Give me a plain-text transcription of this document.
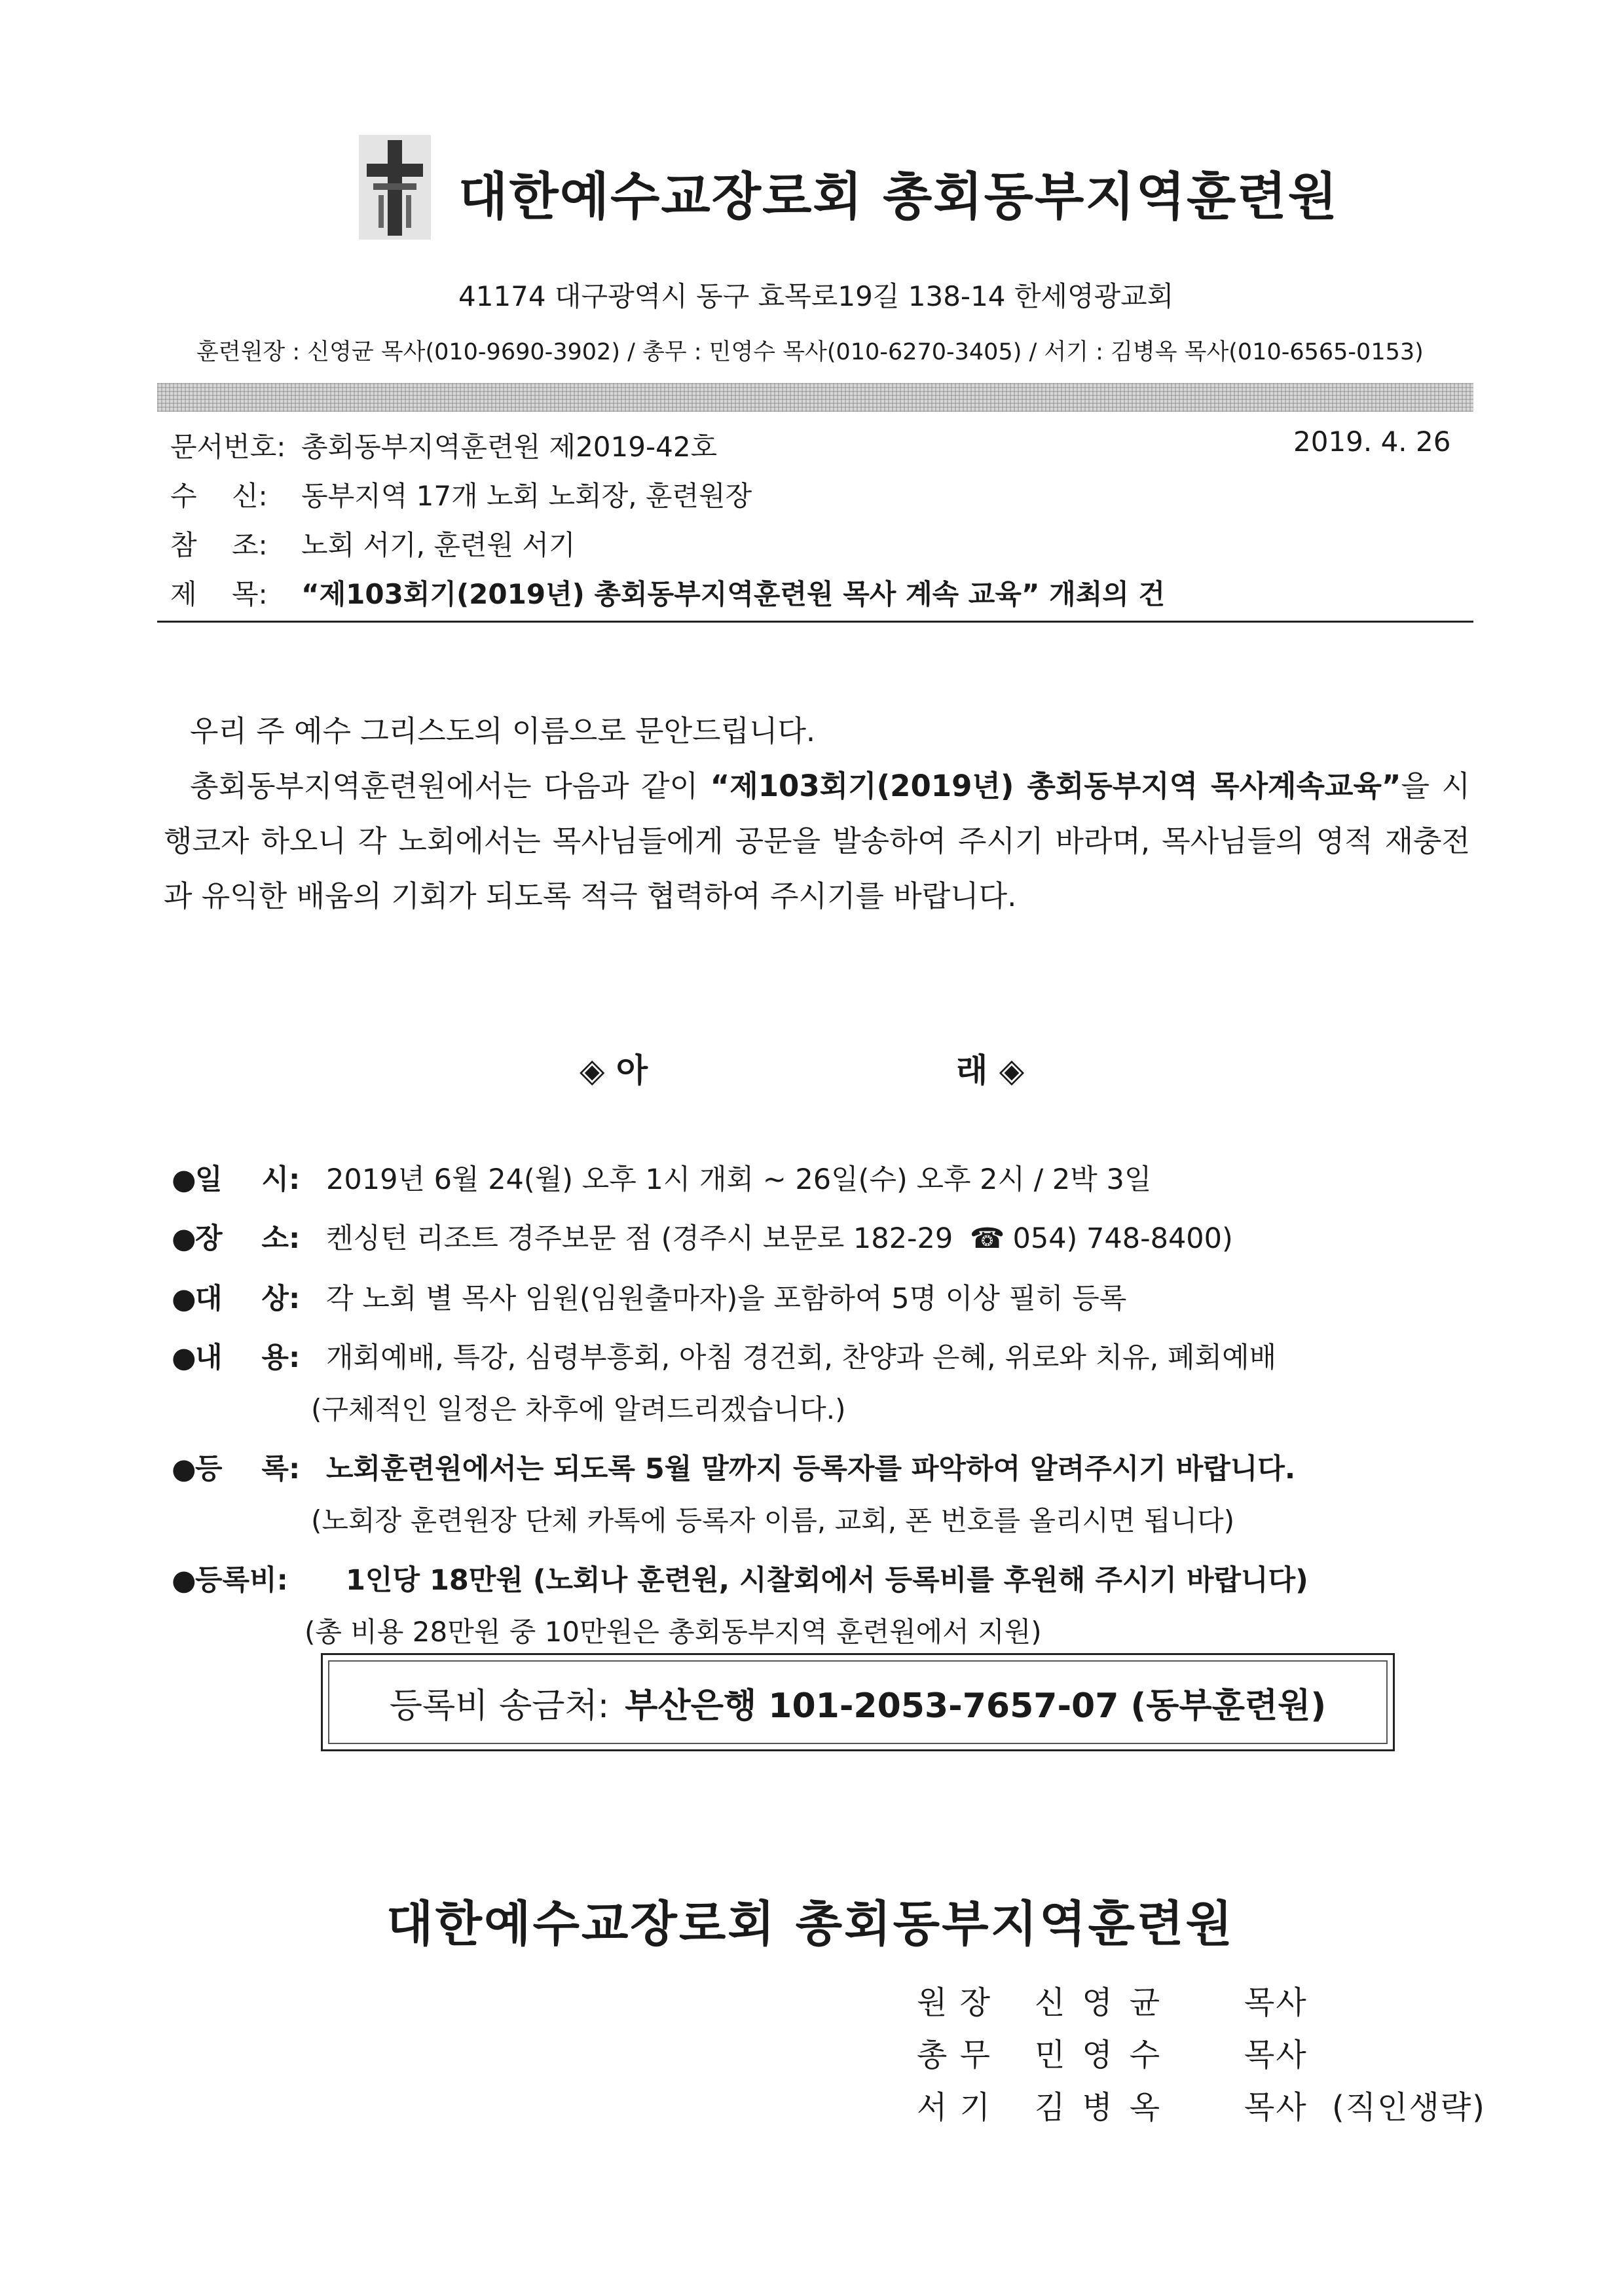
대한예수교장로회 총회동부지역훈련원
41174 대구광역시 동구 효목로19길 138-14 한세영광교회
훈련원장 : 신영균 목사(010-9690-3902) / 총무 : 민영수 목사(010-6270-3405) / 서기 : 김병옥 목사(010-6565-0153)
문서번호: 총회동부지역훈련원 제2019-42호	2019. 4. 26
수    신: 동부지역 17개 노회 노회장, 훈련원장
참    조: 노회 서기, 훈련원 서기
제    목: “제103회기(2019년) 총회동부지역훈련원 목사 계속 교육” 개최의 건
우리 주 예수 그리스도의 이름으로 문안드립니다.
총회동부지역훈련원에서는 다음과 같이 “제103회기(2019년) 총회동부지역 목사계속교육”을 시행코자 하오니 각 노회에서는 목사님들에게 공문을 발송하여 주시기 바라며, 목사님들의 영적 재충전과 유익한 배움의 기회가 되도록 적극 협력하여 주시기를 바랍니다.
◈ 아	래 ◈
●일    시: 2019년 6월 24(월) 오후 1시 개회 ~ 26일(수) 오후 2시 / 2박 3일
●장    소: 켄싱턴 리조트 경주보문 점 (경주시 보문로 182-29 ☎ 054) 748-8400)
●대    상: 각 노회 별 목사 임원(임원출마자)을 포함하여 5명 이상 필히 등록
●내    용: 개회예배, 특강, 심령부흥회, 아침 경건회, 찬양과 은혜, 위로와 치유, 폐회예배
(구체적인 일정은 차후에 알려드리겠습니다.)
●등    록: 노회훈련원에서는 되도록 5월 말까지 등록자를 파악하여 알려주시기 바랍니다.
(노회장 훈련원장 단체 카톡에 등록자 이름, 교회, 폰 번호를 올리시면 됩니다)
●등록비: 1인당 18만원 (노회나 훈련원, 시찰회에서 등록비를 후원해 주시기 바랍니다)
(총 비용 28만원 중 10만원은 총회동부지역 훈련원에서 지원)
등록비 송금처: 부산은행 101-2053-7657-07 (동부훈련원)
대한예수교장로회 총회동부지역훈련원
원 장 신영균 목사
총 무 민영수 목사
서 기 김병옥 목사 (직인생략)
